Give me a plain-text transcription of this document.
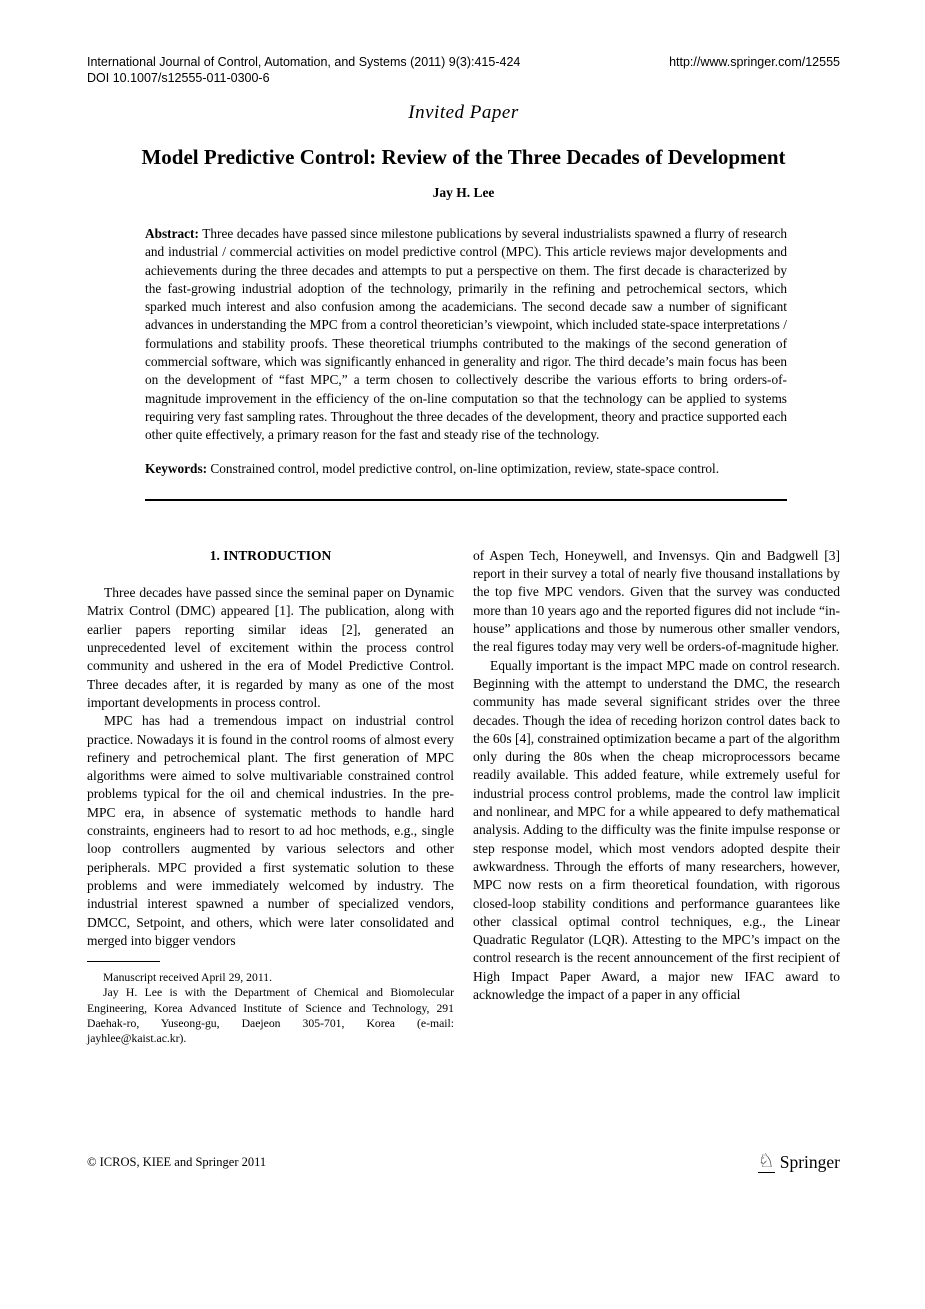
International Journal of Control, Automation, and Systems (2011) 9(3):415-424
DOI 10.1007/s12555-011-0300-6
http://www.springer.com/12555
Invited Paper
Model Predictive Control: Review of the Three Decades of Development
Jay H. Lee
Abstract: Three decades have passed since milestone publications by several industrialists spawned a flurry of research and industrial / commercial activities on model predictive control (MPC). This article reviews major developments and achievements during the three decades and attempts to put a perspective on them. The first decade is characterized by the fast-growing industrial adoption of the technology, primarily in the refining and petrochemical sectors, which sparked much interest and also confusion among the academicians. The second decade saw a number of significant advances in understanding the MPC from a control theoretician’s viewpoint, which included state-space interpretations / formulations and stability proofs. These theoretical triumphs contributed to the makings of the second generation of commercial software, which was significantly enhanced in generality and rigor. The third decade’s main focus has been on the development of “fast MPC,” a term chosen to collectively describe the various efforts to bring orders-of-magnitude improvement in the efficiency of the on-line computation so that the technology can be applied to systems requiring very fast sampling rates. Throughout the three decades of the development, theory and practice supported each other quite effectively, a primary reason for the fast and steady rise of the technology.
Keywords: Constrained control, model predictive control, on-line optimization, review, state-space control.
1. INTRODUCTION

Three decades have passed since the seminal paper on Dynamic Matrix Control (DMC) appeared [1]. The publication, along with earlier papers reporting similar ideas [2], generated an unprecedented level of excitement within the process control community and ushered in the era of Model Predictive Control. Three decades after, it is regarded by many as one of the most important developments in process control.

MPC has had a tremendous impact on industrial control practice. Nowadays it is found in the control rooms of almost every refinery and petrochemical plant. The first generation of MPC algorithms were aimed to solve multivariable constrained control problems typical for the oil and chemical industries. In the pre-MPC era, in absence of systematic methods to handle hard constraints, engineers had to resort to ad hoc methods, e.g., single loop controllers augmented by various selectors and other peripherals. MPC provided a first systematic solution to these problems and were immediately welcomed by industry. The industrial interest spawned a number of specialized vendors, DMCC, Setpoint, and others, which were later consolidated and merged into bigger vendors

Manuscript received April 29, 2011.

Jay H. Lee is with the Department of Chemical and Biomolecular Engineering, Korea Advanced Institute of Science and Technology, 291 Daehak-ro, Yuseong-gu, Daejeon 305-701, Korea (e-mail: jayhlee@kaist.ac.kr).

of Aspen Tech, Honeywell, and Invensys. Qin and Badgwell [3] report in their survey a total of nearly five thousand installations by the top five MPC vendors. Given that the survey was conducted more than 10 years ago and the reported figures did not include “in-house” applications and those by numerous other smaller vendors, the real figures today may very well be orders-of-magnitude higher.

Equally important is the impact MPC made on control research. Beginning with the attempt to understand the DMC, the research community has made several significant strides over the three decades. Though the idea of receding horizon control dates back to the 60s [4], constrained optimization became a part of the algorithm only during the 80s when the cheap microprocessors became readily available. This added feature, while extremely useful for industrial process control problems, made the control law implicit and nonlinear, and MPC for a while appeared to defy mathematical analysis. Adding to the difficulty was the finite impulse response or step response model, which most vendors adopted despite their awkwardness. Through the efforts of many researchers, however, MPC now rests on a firm theoretical foundation, with rigorous closed-loop stability conditions and performance guarantees like other classical optimal control techniques, e.g., the Linear Quadratic Regulator (LQR). Attesting to the MPC’s impact on the control research is the recent announcement of the first recipient of High Impact Paper Award, a major new IFAC award to acknowledge the impact of a paper in any official

© ICROS, KIEE and Springer 2011	♘ Springer
